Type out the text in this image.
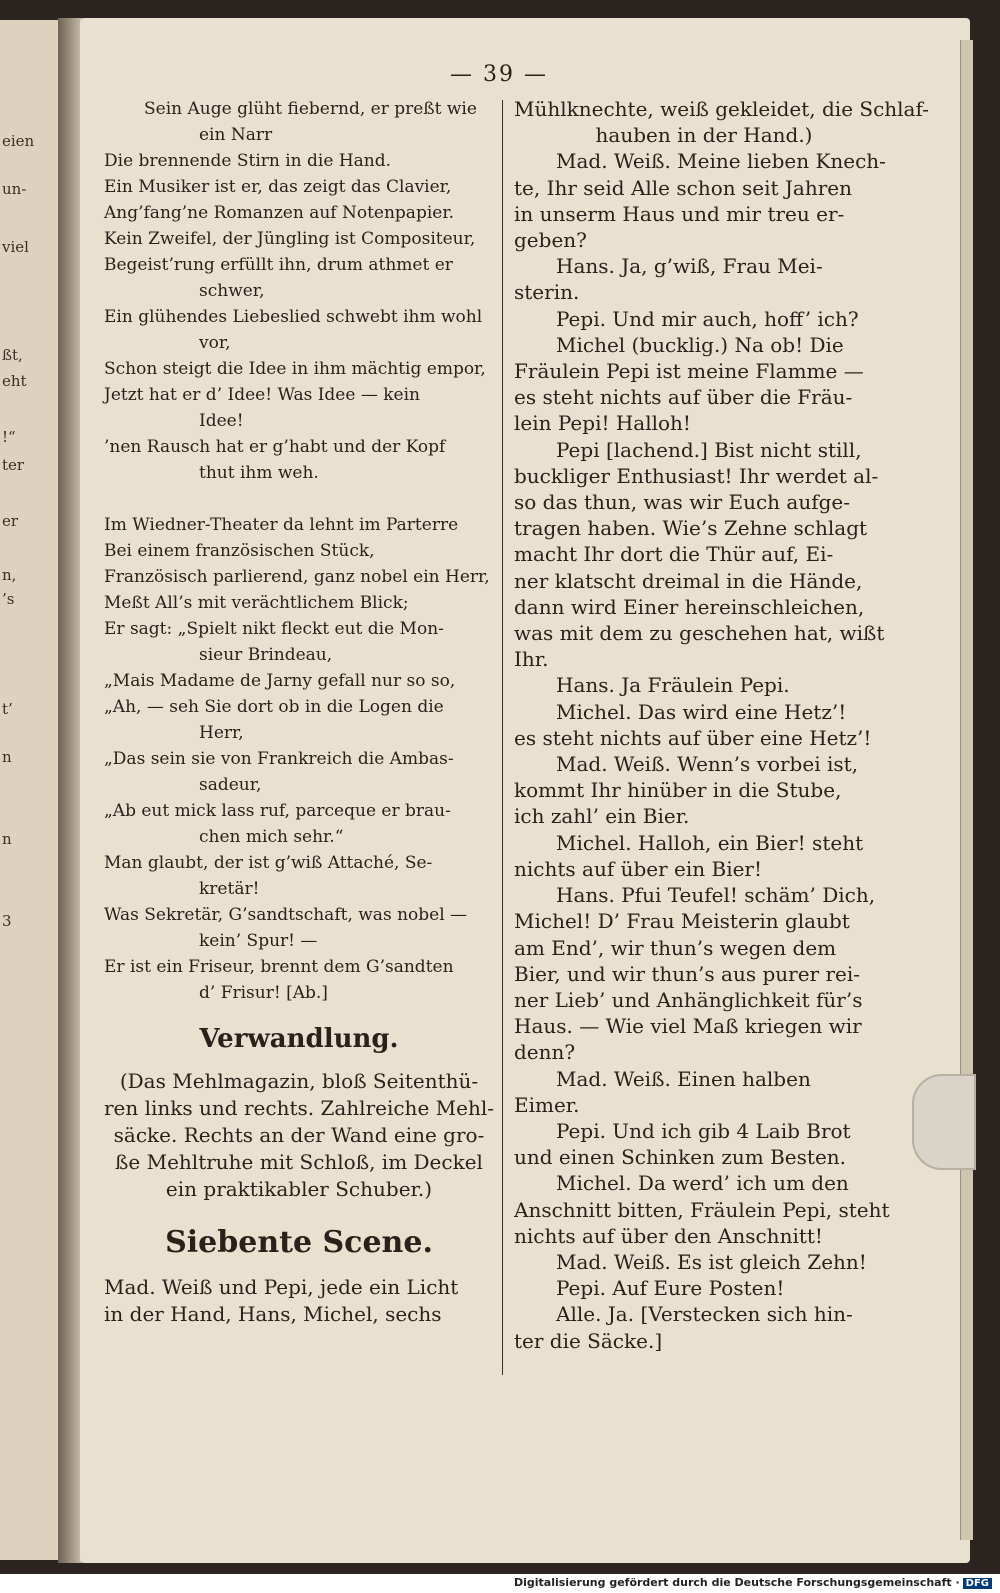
eien
un-
viel
ßt,
eht
!“
ter
er
n,
’s
t’
n
n
3
— 39 —
Sein Auge glüht fiebernd, er preßt wie
ein Narr
Die brennende Stirn in die Hand.
Ein Musiker ist er, das zeigt das Clavier,
Ang’fang’ne Romanzen auf Notenpapier.
Kein Zweifel, der Jüngling ist Compositeur,
Begeist’rung erfüllt ihn, drum athmet er
schwer,
Ein glühendes Liebeslied schwebt ihm wohl
vor,
Schon steigt die Idee in ihm mächtig empor,
Jetzt hat er d’ Idee! Was Idee — kein
Idee!
’nen Rausch hat er g’habt und der Kopf
thut ihm weh.
Im Wiedner-Theater da lehnt im Parterre
Bei einem französischen Stück,
Französisch parlierend, ganz nobel ein Herr,
Meßt All’s mit verächtlichem Blick;
Er sagt: „Spielt nikt fleckt eut die Mon-
sieur Brindeau,
„Mais Madame de Jarny gefall nur so so,
„Ah, — seh Sie dort ob in die Logen die
Herr,
„Das sein sie von Frankreich die Ambas-
sadeur,
„Ab eut mick lass ruf, parceque er brau-
chen mich sehr.“
Man glaubt, der ist g’wiß Attaché, Se-
kretär!
Was Sekretär, G’sandtschaft, was nobel —
kein’ Spur! —
Er ist ein Friseur, brennt dem G’sandten
d’ Frisur! [Ab.]
Verwandlung.
(Das Mehlmagazin, bloß Seitenthü-
ren links und rechts. Zahlreiche Mehl-
säcke. Rechts an der Wand eine gro-
ße Mehltruhe mit Schloß, im Deckel
ein praktikabler Schuber.)
Siebente Scene.
Mad. Weiß und Pepi, jede ein Licht
in der Hand, Hans, Michel, sechs
Mühlknechte, weiß gekleidet, die Schlaf-
hauben in der Hand.)
Mad. Weiß. Meine lieben Knech-
te, Ihr seid Alle schon seit Jahren
in unserm Haus und mir treu er-
geben?
Hans. Ja, g’wiß, Frau Mei-
sterin.
Pepi. Und mir auch, hoff’ ich?
Michel (bucklig.) Na ob! Die
Fräulein Pepi ist meine Flamme —
es steht nichts auf über die Fräu-
lein Pepi! Halloh!
Pepi [lachend.] Bist nicht still,
buckliger Enthusiast! Ihr werdet al-
so das thun, was wir Euch aufge-
tragen haben. Wie’s Zehne schlagt
macht Ihr dort die Thür auf, Ei-
ner klatscht dreimal in die Hände,
dann wird Einer hereinschleichen,
was mit dem zu geschehen hat, wißt
Ihr.
Hans. Ja Fräulein Pepi.
Michel. Das wird eine Hetz’!
es steht nichts auf über eine Hetz’!
Mad. Weiß. Wenn’s vorbei ist,
kommt Ihr hinüber in die Stube,
ich zahl’ ein Bier.
Michel. Halloh, ein Bier! steht
nichts auf über ein Bier!
Hans. Pfui Teufel! schäm’ Dich,
Michel! D’ Frau Meisterin glaubt
am End’, wir thun’s wegen dem
Bier, und wir thun’s aus purer rei-
ner Lieb’ und Anhänglichkeit für’s
Haus. — Wie viel Maß kriegen wir
denn?
Mad. Weiß. Einen halben
Eimer.
Pepi. Und ich gib 4 Laib Brot
und einen Schinken zum Besten.
Michel. Da werd’ ich um den
Anschnitt bitten, Fräulein Pepi, steht
nichts auf über den Anschnitt!
Mad. Weiß. Es ist gleich Zehn!
Pepi. Auf Eure Posten!
Alle. Ja. [Verstecken sich hin-
ter die Säcke.]
Digitalisierung gefördert durch die Deutsche Forschungsgemeinschaft · DFG
